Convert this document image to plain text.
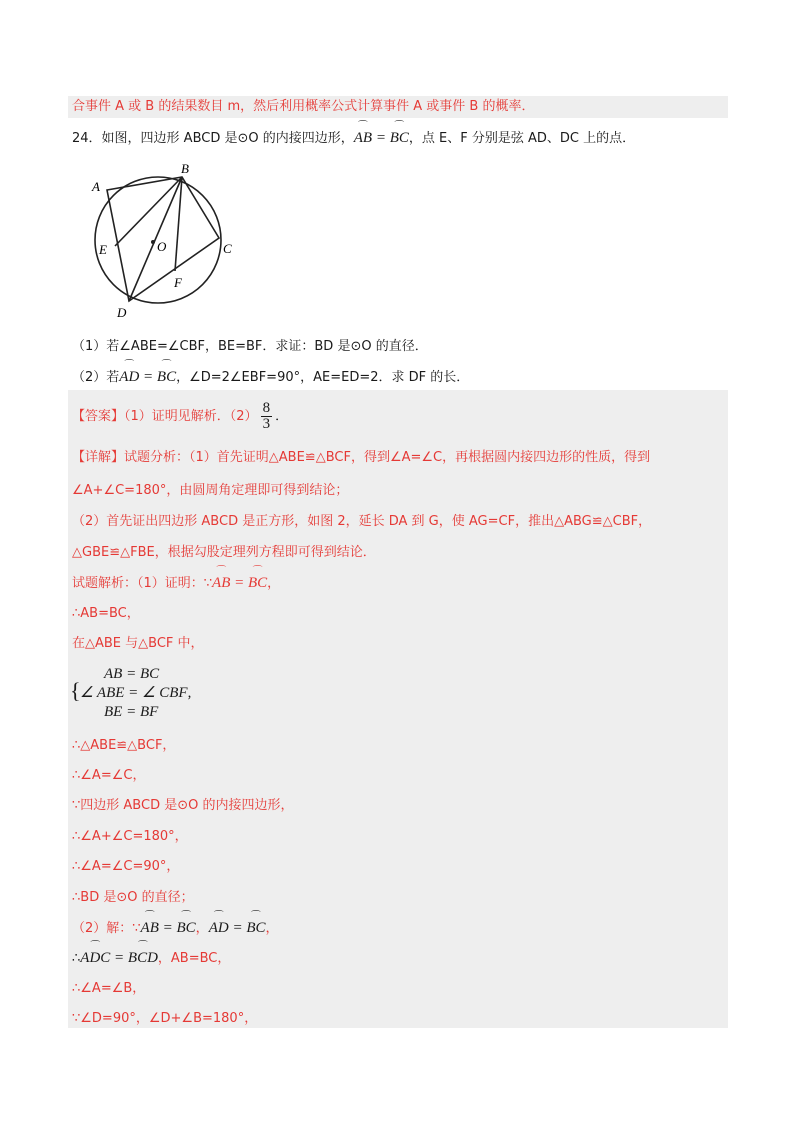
合事件 A 或 B 的结果数目 m，然后利用概率公式计算事件 A 或事件 B 的概率．
24．如图，四边形 ABCD 是⊙O 的内接四边形，⌒ AB = ⌒ BC，点 E、F 分别是弦 AD、DC 上的点．
A
B
C
D
E
F
O
（1）若∠ABE=∠CBF，BE=BF．求证：BD 是⊙O 的直径．
（2）若⌒ AD = ⌒ BC，∠D=2∠EBF=90°，AE=ED=2．求 DF 的长．
【答案】（1）证明见解析．$(2) \frac{8}{3}$ ．
【详解】试题分析：（1）首先证明△ABE≌△BCF，得到∠A=∠C，再根据圆内接四边形的性质，得到
∠A+∠C=180°，由圆周角定理即可得到结论；
（2）首先证出四边形 ABCD 是正方形，如图 2，延长 DA 到 G，使 AG=CF，推出△ABG≌△CBF，
△GBE≌△FBE，根据勾股定理列方程即可得到结论．
试题解析：（1）证明：∵⌒ AB = ⌒ BC，
∴AB=BC，
在△ABE 与△BCF 中，
{
AB = BC
∠ ABE = ∠ CBF,
BE = BF
∴△ABE≌△BCF，
∴∠A=∠C，
∵四边形 ABCD 是⊙O 的内接四边形，
∴∠A+∠C=180°，
∴∠A=∠C=90°，
∴BD 是⊙O 的直径；
（2）解：∵⌒ AB = ⌒ BC，⌒ AD = ⌒ BC，
∴⌒ ADC = ⌒ BCD，AB=BC，
∴∠A=∠B，
∵∠D=90°，∠D+∠B=180°，
